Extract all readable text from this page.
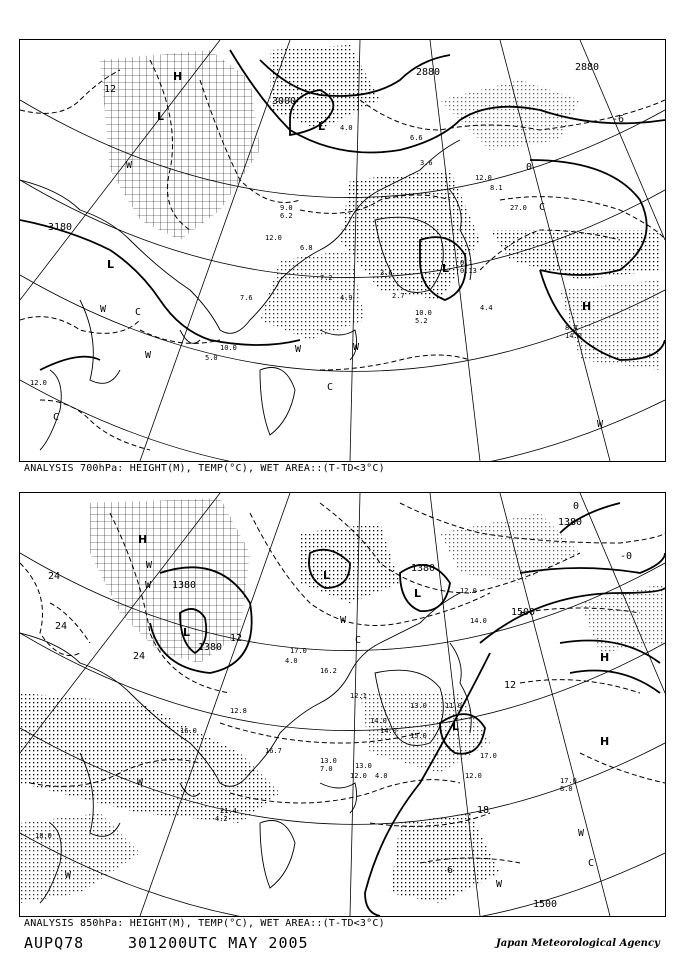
9.0
6.2
12.0
6.8
7.2
4.9
3.6
2.7
10.0
5.2
0.1
0.13
12.0
8.1
27.0
6.6
10.0
5.0
4.4
8.4
14.0
7.6
12.0
3.6
4.0
3000
2880	2880
3180
12
-6
0
H
L
L
L	L
H
W	C
W
W	W
C
C
W
C
W
ANALYSIS 700hPa: HEIGHT(M), TEMP(°C), WET AREA::(T-TD<3°C)
17.0
4.0
16.2
12.1
14.0
14.0
13.0	11.0
17.0
12.0
17.0
8.0
21.4
4.2
13.0
7.0	13.0
12.0 4.0
18.0
12.8
14.0
16.0
12.0
16.7
15.0
1380
1380
1380
1500
1500
1380
24
24
24
-0
0
12
18
6
12
L
L
L
L
H
H
H
W
W
W
W
W
C
W
W
C
ANALYSIS 850hPa: HEIGHT(M), TEMP(°C), WET AREA::(T-TD<3°C)
AUPQ78	301200UTC MAY 2005	Japan Meteorological Agency
